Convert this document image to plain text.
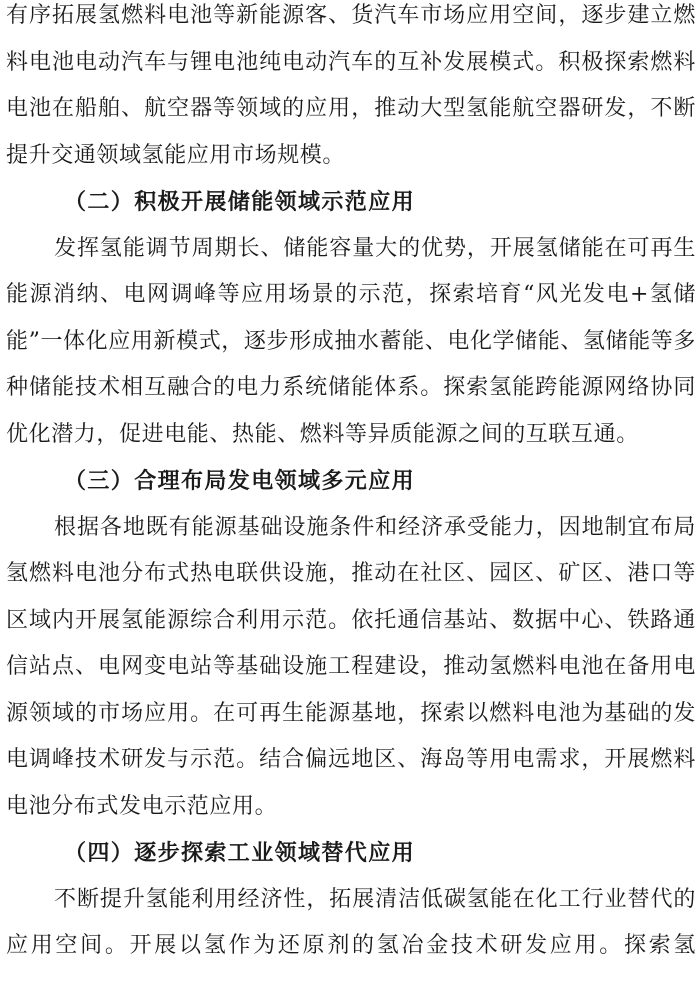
有序拓展氢燃料电池等新能源客、货汽车市场应用空间，逐步建立燃料电池电动汽车与锂电池纯电动汽车的互补发展模式。积极探索燃料电池在船舶、航空器等领域的应用，推动大型氢能航空器研发，不断提升交通领域氢能应用市场规模。

（二）积极开展储能领域示范应用

发挥氢能调节周期长、储能容量大的优势，开展氢储能在可再生能源消纳、电网调峰等应用场景的示范，探索培育“风光发电+氢储能”一体化应用新模式，逐步形成抽水蓄能、电化学储能、氢储能等多种储能技术相互融合的电力系统储能体系。探索氢能跨能源网络协同优化潜力，促进电能、热能、燃料等异质能源之间的互联互通。

（三）合理布局发电领域多元应用

根据各地既有能源基础设施条件和经济承受能力，因地制宜布局氢燃料电池分布式热电联供设施，推动在社区、园区、矿区、港口等区域内开展氢能源综合利用示范。依托通信基站、数据中心、铁路通信站点、电网变电站等基础设施工程建设，推动氢燃料电池在备用电源领域的市场应用。在可再生能源基地，探索以燃料电池为基础的发电调峰技术研发与示范。结合偏远地区、海岛等用电需求，开展燃料电池分布式发电示范应用。

（四）逐步探索工业领域替代应用

不断提升氢能利用经济性，拓展清洁低碳氢能在化工行业替代的应用空间。开展以氢作为还原剂的氢冶金技术研发应用。探索氢
